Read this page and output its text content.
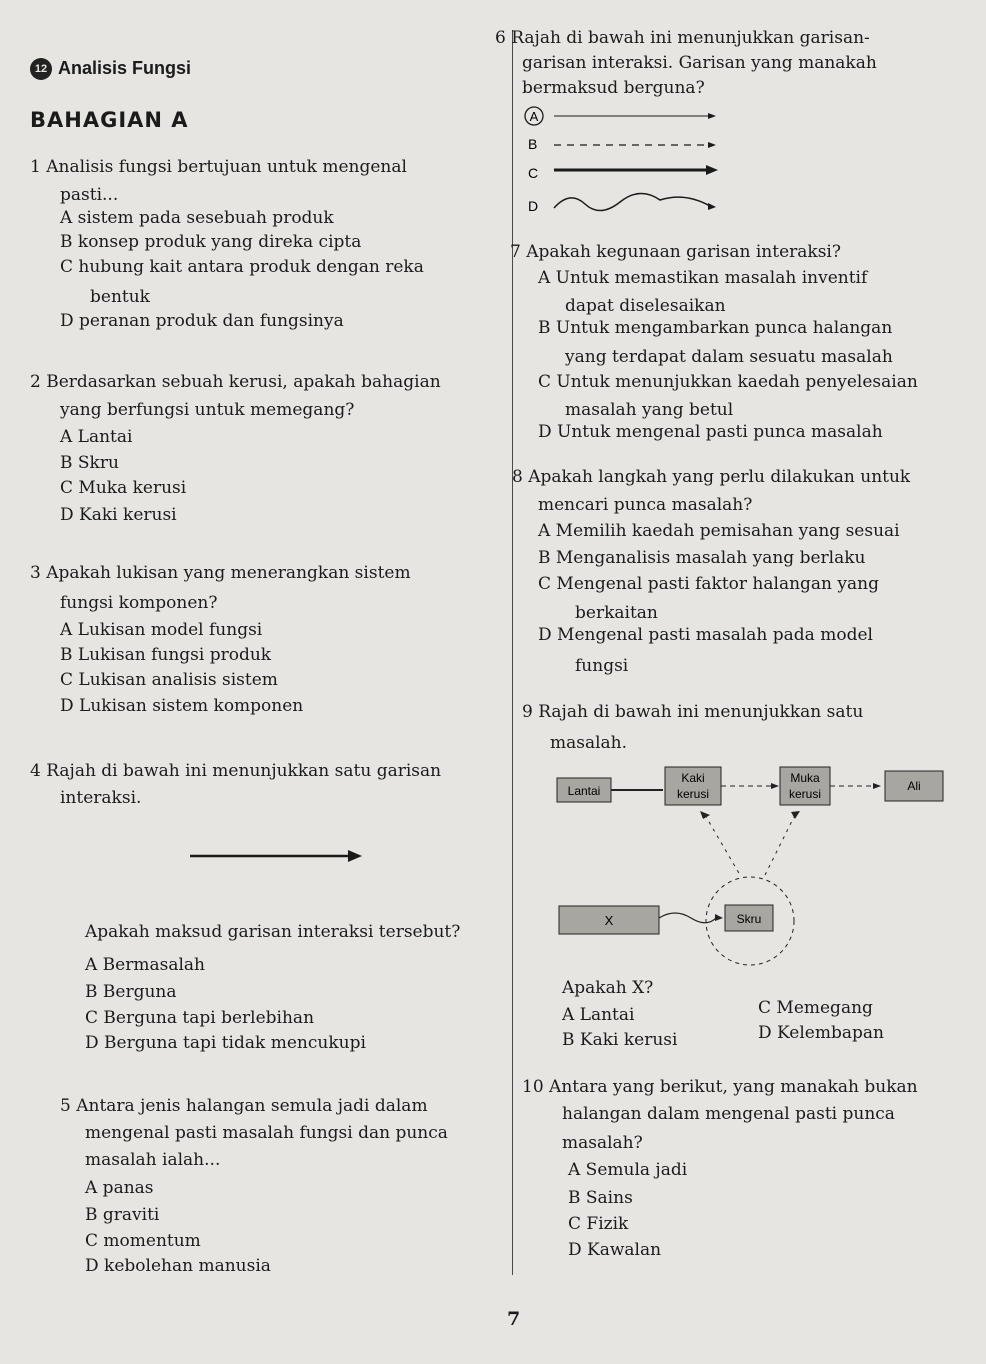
12 Analisis Fungsi
BAHAGIAN A
1 Analisis fungsi bertujuan untuk mengenal
pasti...
A sistem pada sesebuah produk
B konsep produk yang direka cipta
C hubung kait antara produk dengan reka
bentuk
D peranan produk dan fungsinya
2 Berdasarkan sebuah kerusi, apakah bahagian
yang berfungsi untuk memegang?
A Lantai
B Skru
C Muka kerusi
D Kaki kerusi
3 Apakah lukisan yang menerangkan sistem
fungsi komponen?
A Lukisan model fungsi
B Lukisan fungsi produk
C Lukisan analisis sistem
D Lukisan sistem komponen
4 Rajah di bawah ini menunjukkan satu garisan
interaksi.
Apakah maksud garisan interaksi tersebut?
A Bermasalah
B Berguna
C Berguna tapi berlebihan
D Berguna tapi tidak mencukupi
5 Antara jenis halangan semula jadi dalam
mengenal pasti masalah fungsi dan punca
masalah ialah...
A panas
B graviti
C momentum
D kebolehan manusia
6 Rajah di bawah ini menunjukkan garisan-
garisan interaksi. Garisan yang manakah
bermaksud berguna?
A
B
C
D
7 Apakah kegunaan garisan interaksi?
A Untuk memastikan masalah inventif
dapat diselesaikan
B Untuk mengambarkan punca halangan
yang terdapat dalam sesuatu masalah
C Untuk menunjukkan kaedah penyelesaian
masalah yang betul
D Untuk mengenal pasti punca masalah
8 Apakah langkah yang perlu dilakukan untuk
mencari punca masalah?
A Memilih kaedah pemisahan yang sesuai
B Menganalisis masalah yang berlaku
C Mengenal pasti faktor halangan yang
berkaitan
D Mengenal pasti masalah pada model
fungsi
9 Rajah di bawah ini menunjukkan satu
masalah.
Lantai
Kaki
kerusi
Muka
kerusi
Ali
X	Skru
Apakah X?
A Lantai
B Kaki kerusi
C Memegang
D Kelembapan
10 Antara yang berikut, yang manakah bukan
halangan dalam mengenal pasti punca
masalah?
A Semula jadi
B Sains
C Fizik
D Kawalan
7
